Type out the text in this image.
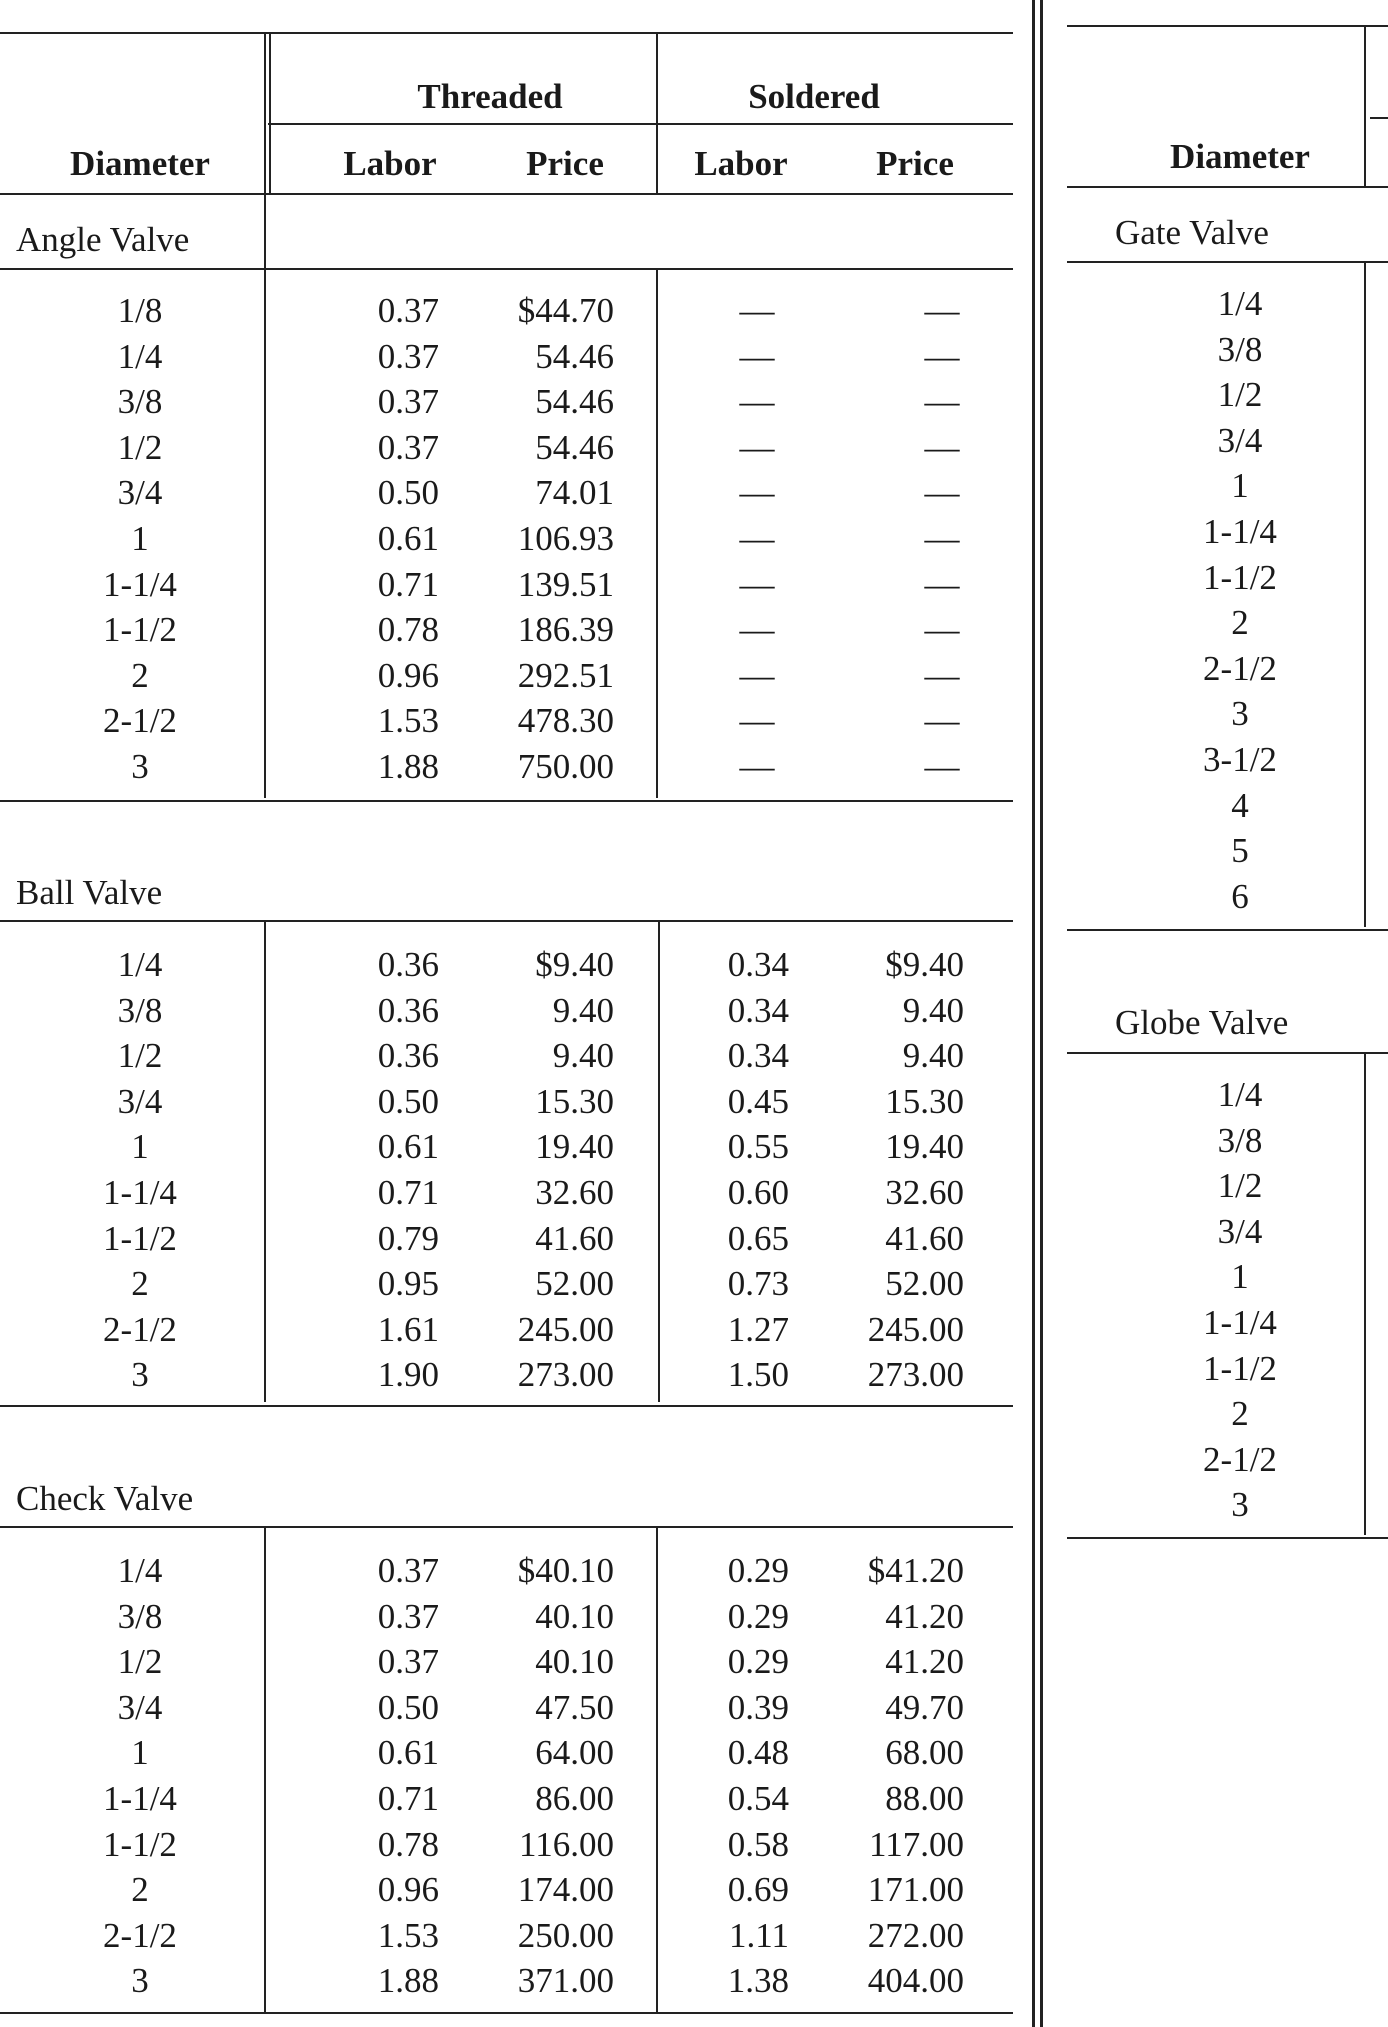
Threaded	Soldered
Diameter	Labor	Price	Labor	Price
Angle Valve
1/8	0.37 $44.70	—	—
1/4	0.37	54.46	—	—
3/8	0.37	54.46	—	—
1/2	0.37	54.46	—	—
3/4	0.50	74.01	—	—
1	0.61 106.93	—	—
1-1/4	0.71 139.51	—	—
1-1/2	0.78 186.39	—	—
2	0.96 292.51	—	—
2-1/2	1.53 478.30	—	—
3	1.88 750.00	—	—
Ball Valve
1/4	0.36	$9.40	0.34	$9.40
3/8	0.36	9.40	0.34	9.40
1/2	0.36	9.40	0.34	9.40
3/4	0.50	15.30	0.45	15.30
1	0.61	19.40	0.55	19.40
1-1/4	0.71	32.60	0.60	32.60
1-1/2	0.79	41.60	0.65	41.60
2	0.95	52.00	0.73	52.00
2-1/2	1.61 245.00	1.27 245.00
3	1.90 273.00	1.50 273.00
Check Valve
1/4	0.37 $40.10	0.29 $41.20
3/8	0.37	40.10	0.29	41.20
1/2	0.37	40.10	0.29	41.20
3/4	0.50	47.50	0.39	49.70
1	0.61	64.00	0.48	68.00
1-1/4	0.71	86.00	0.54	88.00
1-1/2	0.78 116.00	0.58 117.00
2	0.96 174.00	0.69 171.00
2-1/2	1.53 250.00	1.11 272.00
3	1.88 371.00	1.38 404.00
Diameter
Gate Valve
1/4
3/8
1/2
3/4
1
1-1/4
1-1/2
2
2-1/2
3
3-1/2
4
5
6
Globe Valve
1/4
3/8
1/2
3/4
1
1-1/4
1-1/2
2
2-1/2
3
